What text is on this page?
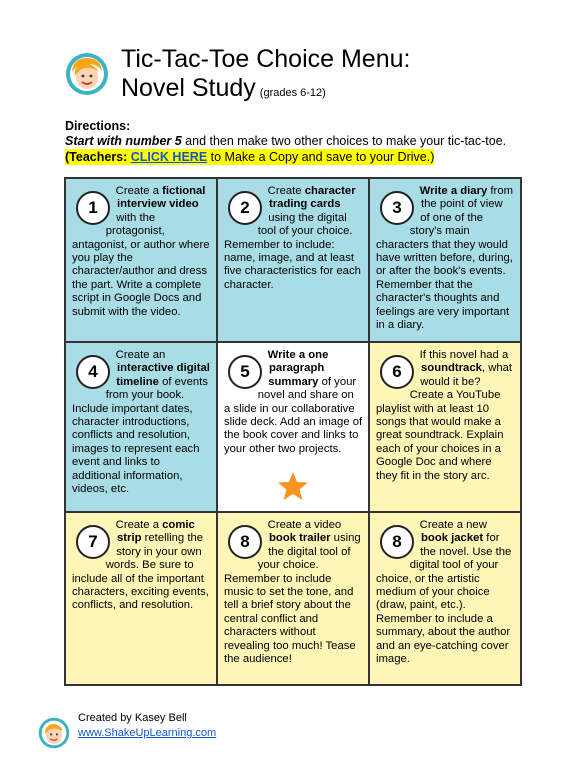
Tic-Tac-Toe Choice Menu:
Novel Study (grades 6-12)
Directions:
Start with number 5 and then make two other choices to make your tic-tac-toe.
(Teachers: CLICK HERE to Make a Copy and save to your Drive.)
1
Create a fictional interview video with the protagonist, antagonist, or author where you play the character/author and dress the part. Write a complete script in Google Docs and submit with the video.
2
Create character trading cards using the digital tool of your choice. Remember to include: name, image, and at least five characteristics for each character.
3
Write a diary from the point of view of one of the story's main characters that they would have written before, during, or after the book's events. Remember that the character's thoughts and feelings are very important in a diary.
4
Create an interactive digital timeline of events from your book. Include important dates, character introductions, conflicts and resolution, images to represent each event and links to additional information, videos, etc.
5
Write a one paragraph summary of your novel and share on a slide in our collaborative slide deck. Add an image of the book cover and links to your other two projects.
6
If this novel had a soundtrack, what would it be? Create a YouTube playlist with at least 10 songs that would make a great soundtrack. Explain each of your choices in a Google Doc and where they fit in the story arc.
7
Create a comic strip retelling the story in your own words. Be sure to include all of the important characters, exciting events, conflicts, and resolution.
8
Create a video book trailer using the digital tool of your choice. Remember to include music to set the tone, and tell a brief story about the central conflict and characters without revealing too much! Tease the audience!
8
Create a new book jacket for the novel. Use the digital tool of your choice, or the artistic medium of your choice (draw, paint, etc.). Remember to include a summary, about the author and an eye-catching cover image.
Created by Kasey Bell
www.ShakeUpLearning.com
